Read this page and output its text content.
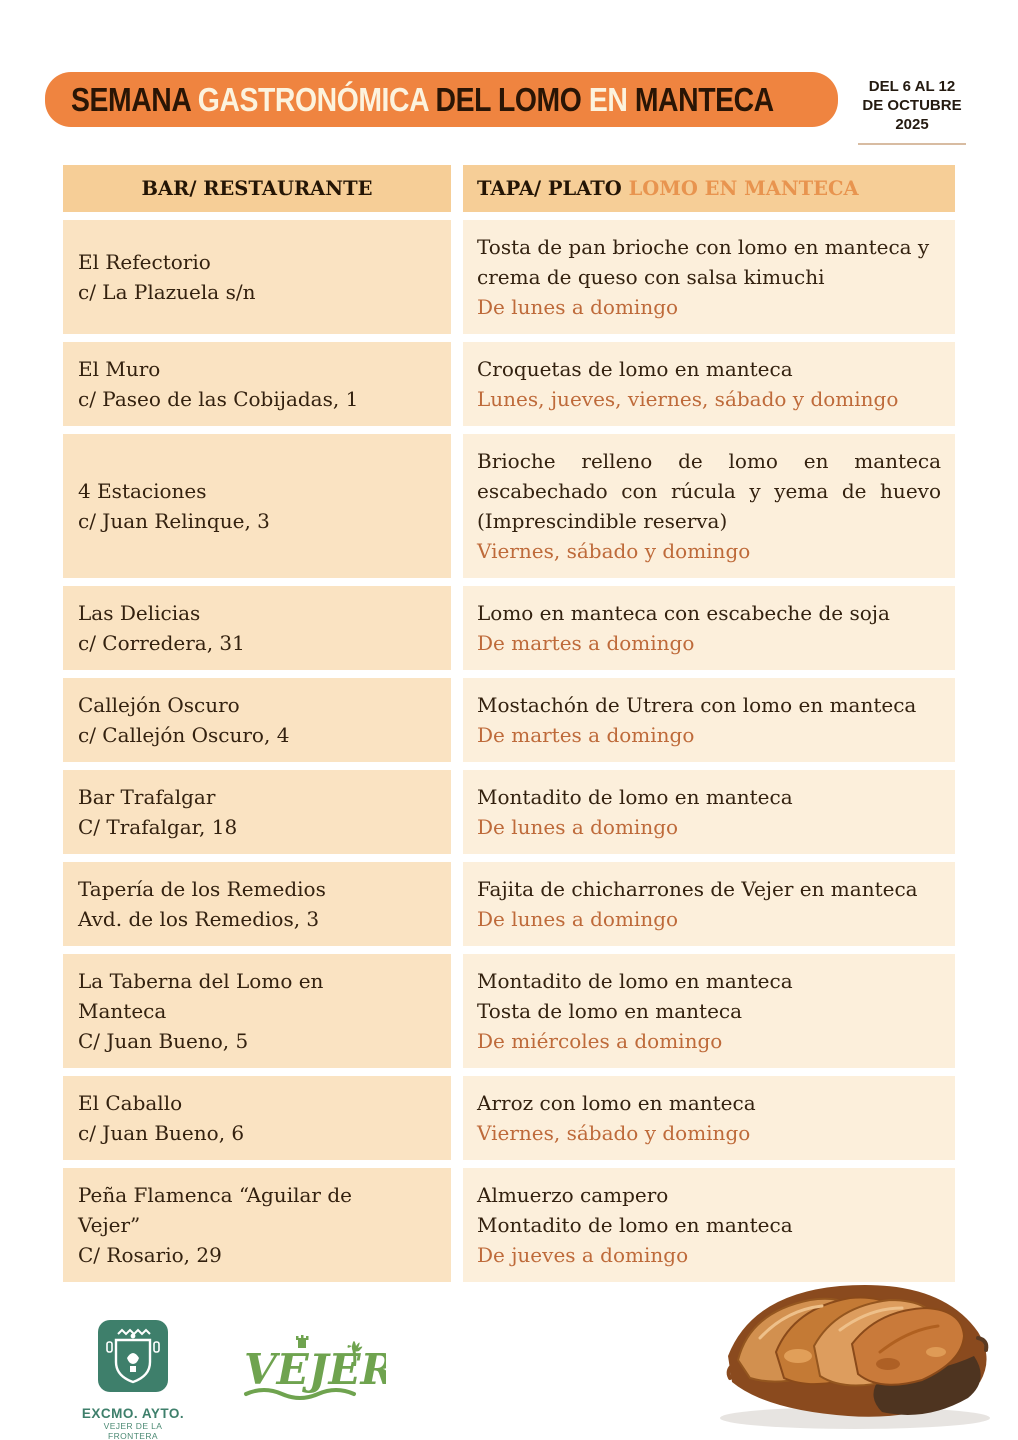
SEMANA GASTRONÓMICA DEL LOMO EN MANTECA	DEL 6 AL 12
DE OCTUBRE 2025
BAR/ RESTAURANTE	TAPA/ PLATO LOMO EN MANTECA
El Refectorio
c/ La Plazuela s/n
Tosta de pan brioche con lomo en manteca y crema de queso con salsa kimuchi
De lunes a domingo
El Muro
c/ Paseo de las Cobijadas, 1
Croquetas de lomo en manteca
Lunes, jueves, viernes, sábado y domingo
4 Estaciones
c/ Juan Relinque, 3
Brioche relleno de lomo en manteca escabechado con rúcula y yema de huevo (Imprescindible reserva)
Viernes, sábado y domingo
Las Delicias
c/ Corredera, 31
Lomo en manteca con escabeche de soja
De martes a domingo
Callejón Oscuro
c/ Callejón Oscuro, 4
Mostachón de Utrera con lomo en manteca
De martes a domingo
Bar Trafalgar
C/ Trafalgar, 18
Montadito de lomo en manteca
De lunes a domingo
Tapería de los Remedios
Avd. de los Remedios, 3
Fajita de chicharrones de Vejer en manteca
De lunes a domingo
La Taberna del Lomo en Manteca
C/ Juan Bueno, 5
Montadito de lomo en manteca
Tosta de lomo en manteca
De miércoles a domingo
El Caballo
c/ Juan Bueno, 6
Arroz con lomo en manteca
Viernes, sábado y domingo
Peña Flamenca “Aguilar de Vejer”
C/ Rosario, 29
Almuerzo campero
Montadito de lomo en manteca
De jueves a domingo
EXCMO. AYTO.
VEJER DE LA FRONTERA
VEJER
